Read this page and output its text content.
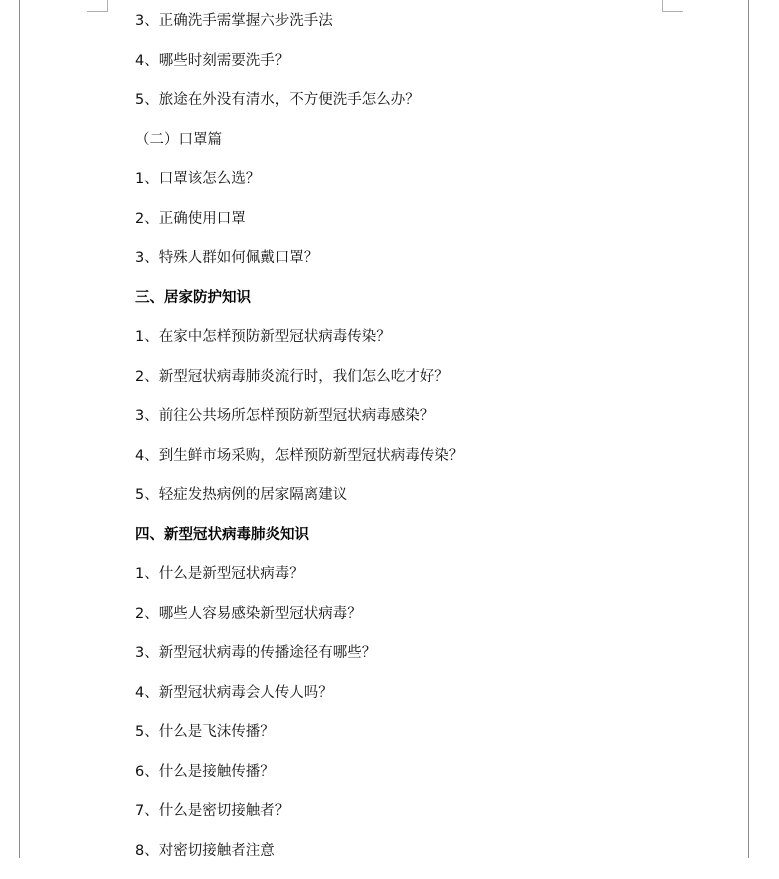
3、正确洗手需掌握六步洗手法
4、哪些时刻需要洗手？
5、旅途在外没有清水，不方便洗手怎么办？
（二）口罩篇
1、口罩该怎么选？
2、正确使用口罩
3、特殊人群如何佩戴口罩？
三、居家防护知识
1、在家中怎样预防新型冠状病毒传染？
2、新型冠状病毒肺炎流行时，我们怎么吃才好？
3、前往公共场所怎样预防新型冠状病毒感染？
4、到生鲜市场采购，怎样预防新型冠状病毒传染？
5、轻症发热病例的居家隔离建议
四、新型冠状病毒肺炎知识
1、什么是新型冠状病毒？
2、哪些人容易感染新型冠状病毒？
3、新型冠状病毒的传播途径有哪些？
4、新型冠状病毒会人传人吗？
5、什么是飞沫传播？
6、什么是接触传播？
7、什么是密切接触者？
8、对密切接触者注意
